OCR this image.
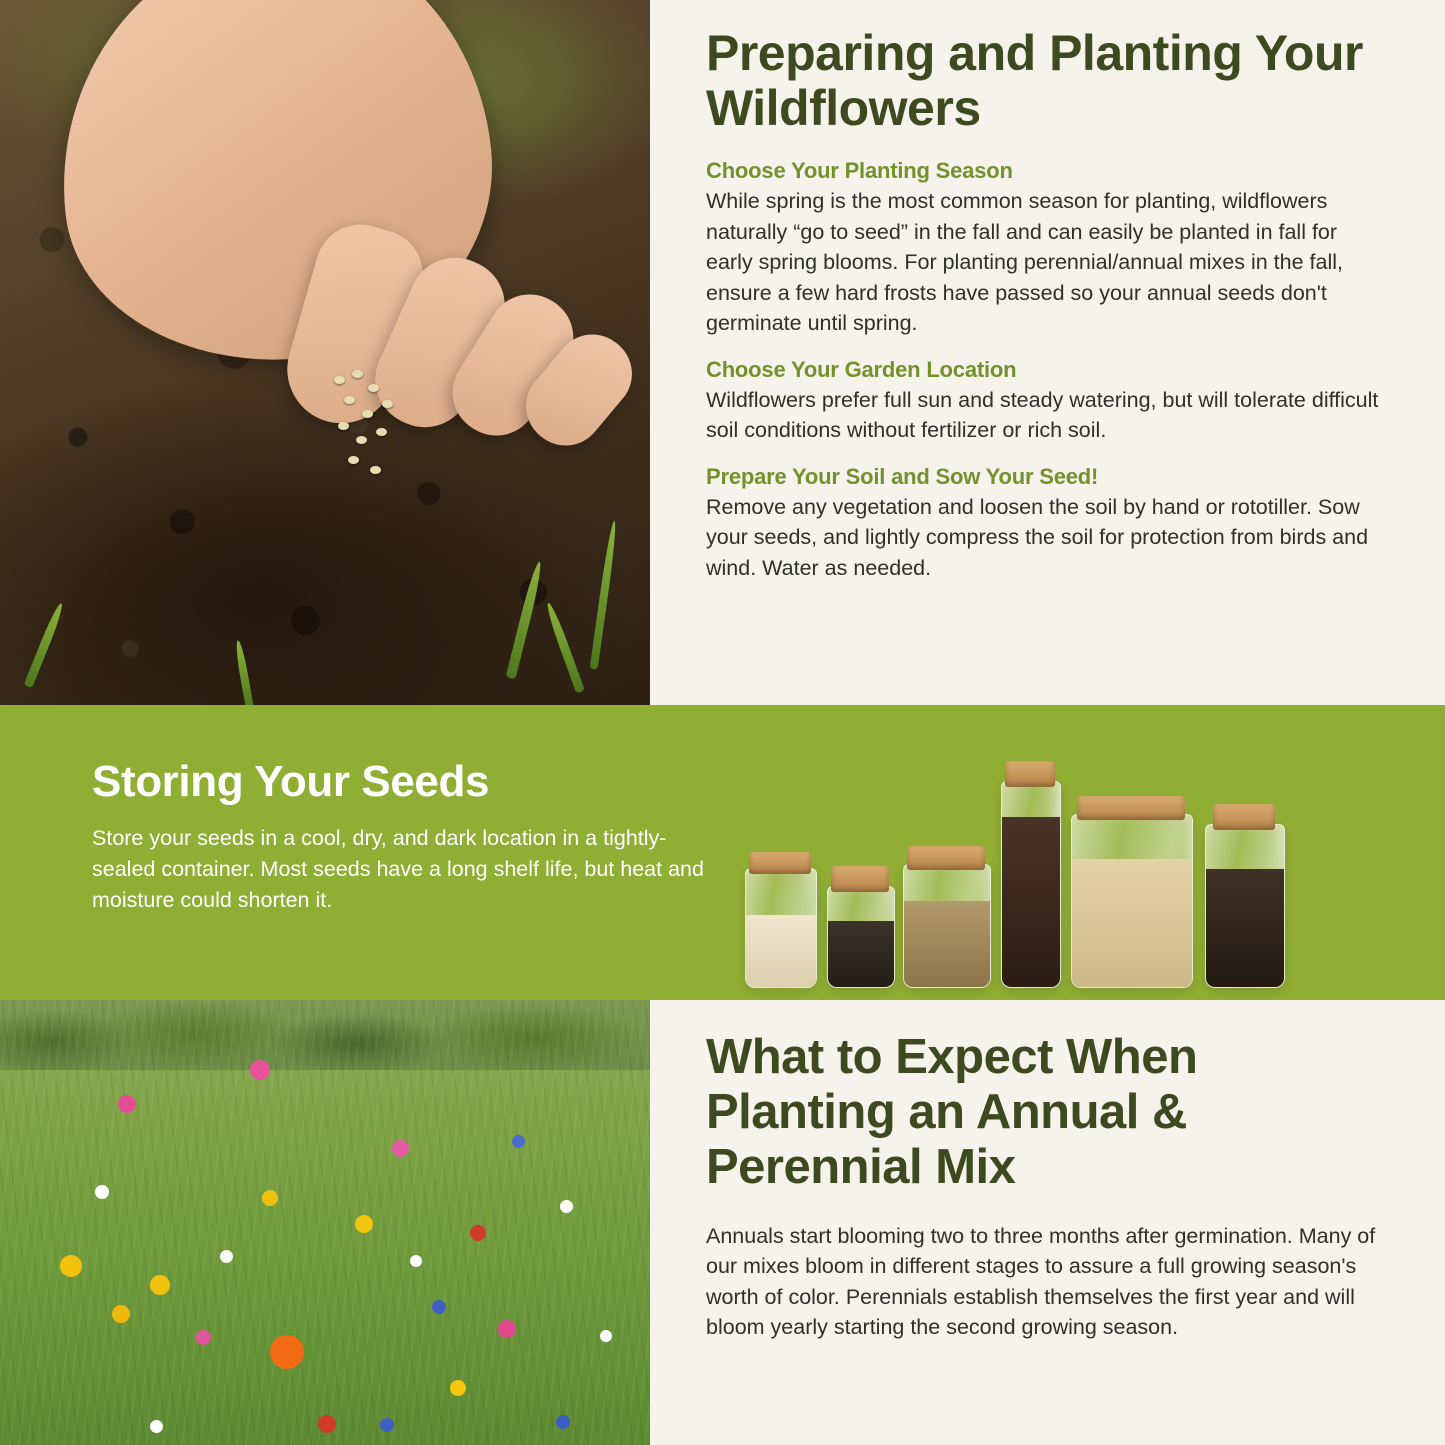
Preparing and Planting Your Wildflowers
Choose Your Planting Season

While spring is the most common season for planting, wildflowers naturally “go to seed” in the fall and can easily be planted in fall for early spring blooms. For planting perennial/annual mixes in the fall, ensure a few hard frosts have passed so your annual seeds don't germinate until spring.

Choose Your Garden Location

Wildflowers prefer full sun and steady watering, but will tolerate difficult soil conditions without fertilizer or rich soil.

Prepare Your Soil and Sow Your Seed!

Remove any vegetation and loosen the soil by hand or rototiller. Sow your seeds, and lightly compress the soil for protection from birds and wind. Water as needed.

Storing Your Seeds

Store your seeds in a cool, dry, and dark location in a tightly-sealed container. Most seeds have a long shelf life, but heat and moisture could shorten it.

What to Expect When Planting an Annual & Perennial Mix

Annuals start blooming two to three months after germination. Many of our mixes bloom in different stages to assure a full growing season's worth of color. Perennials establish themselves the first year and will bloom yearly starting the second growing season.
